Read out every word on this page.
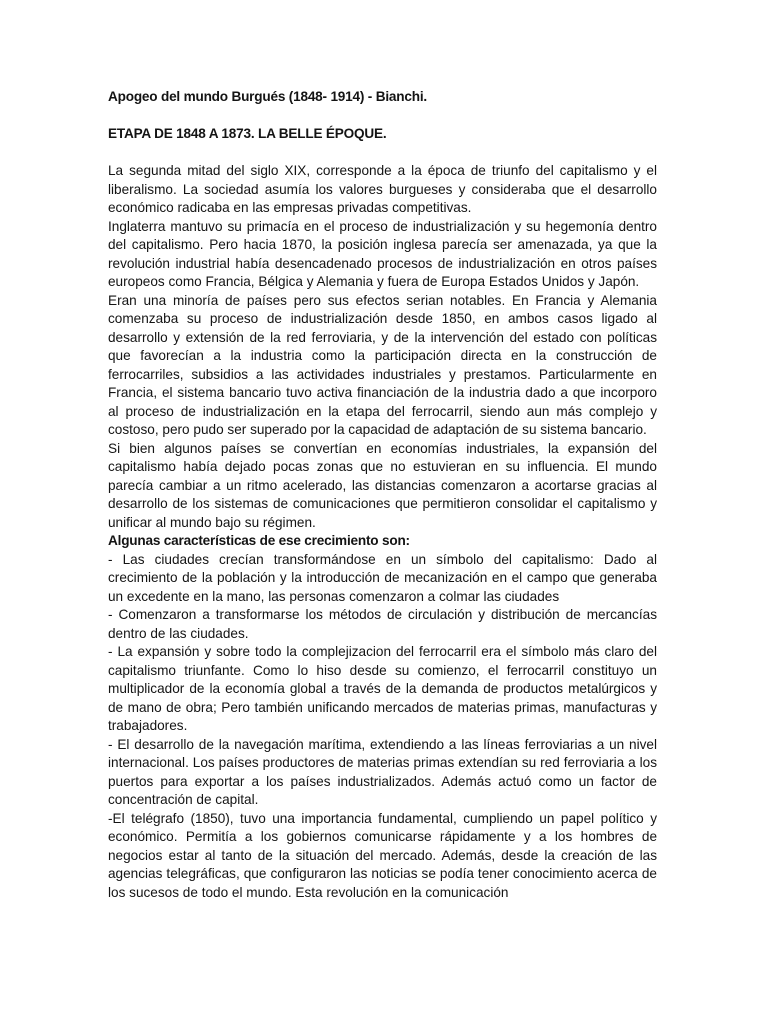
Apogeo del mundo Burgués (1848- 1914) - Bianchi.

ETAPA DE 1848 A 1873. LA BELLE ÉPOQUE.

La segunda mitad del siglo XIX, corresponde a la época de triunfo del capitalismo y el liberalismo. La sociedad asumía los valores burgueses y consideraba que el desarrollo económico radicaba en las empresas privadas competitivas.

Inglaterra mantuvo su primacía en el proceso de industrialización y su hegemonía dentro del capitalismo. Pero hacia 1870, la posición inglesa parecía ser amenazada, ya que la revolución industrial había desencadenado procesos de industrialización en otros países europeos como Francia, Bélgica y Alemania y fuera de Europa Estados Unidos y Japón.

Eran una minoría de países pero sus efectos serian notables. En Francia y Alemania comenzaba su proceso de industrialización desde 1850, en ambos casos ligado al desarrollo y extensión de la red ferroviaria, y de la intervención del estado con políticas que favorecían a la industria como la participación directa en la construcción de ferrocarriles, subsidios a las actividades industriales y prestamos. Particularmente en Francia, el sistema bancario tuvo activa financiación de la industria dado a que incorporo al proceso de industrialización en la etapa del ferrocarril, siendo aun más complejo y costoso, pero pudo ser superado por la capacidad de adaptación de su sistema bancario.

Si bien algunos países se convertían en economías industriales, la expansión del capitalismo había dejado pocas zonas que no estuvieran en su influencia. El mundo parecía cambiar a un ritmo acelerado, las distancias comenzaron a acortarse gracias al desarrollo de los sistemas de comunicaciones que permitieron consolidar el capitalismo y unificar al mundo bajo su régimen.

Algunas características de ese crecimiento son:

- Las ciudades crecían transformándose en un símbolo del capitalismo: Dado al crecimiento de la población y la introducción de mecanización en el campo que generaba un excedente en la mano, las personas comenzaron a colmar las ciudades

- Comenzaron a transformarse los métodos de circulación y distribución de mercancías dentro de las ciudades.

- La expansión y sobre todo la complejizacion del ferrocarril era el símbolo más claro del capitalismo triunfante. Como lo hiso desde su comienzo, el ferrocarril constituyo un multiplicador de la economía global a través de la demanda de productos metalúrgicos y de mano de obra; Pero también unificando mercados de materias primas, manufacturas y trabajadores.

- El desarrollo de la navegación marítima, extendiendo a las líneas ferroviarias a un nivel internacional. Los países productores de materias primas extendían su red ferroviaria a los puertos para exportar a los países industrializados. Además actuó como un factor de concentración de capital.

-El telégrafo (1850), tuvo una importancia fundamental, cumpliendo un papel político y económico. Permitía a los gobiernos comunicarse rápidamente y a los hombres de negocios estar al tanto de la situación del mercado. Además, desde la creación de las agencias telegráficas, que configuraron las noticias se podía tener conocimiento acerca de los sucesos de todo el mundo. Esta revolución en la comunicación
